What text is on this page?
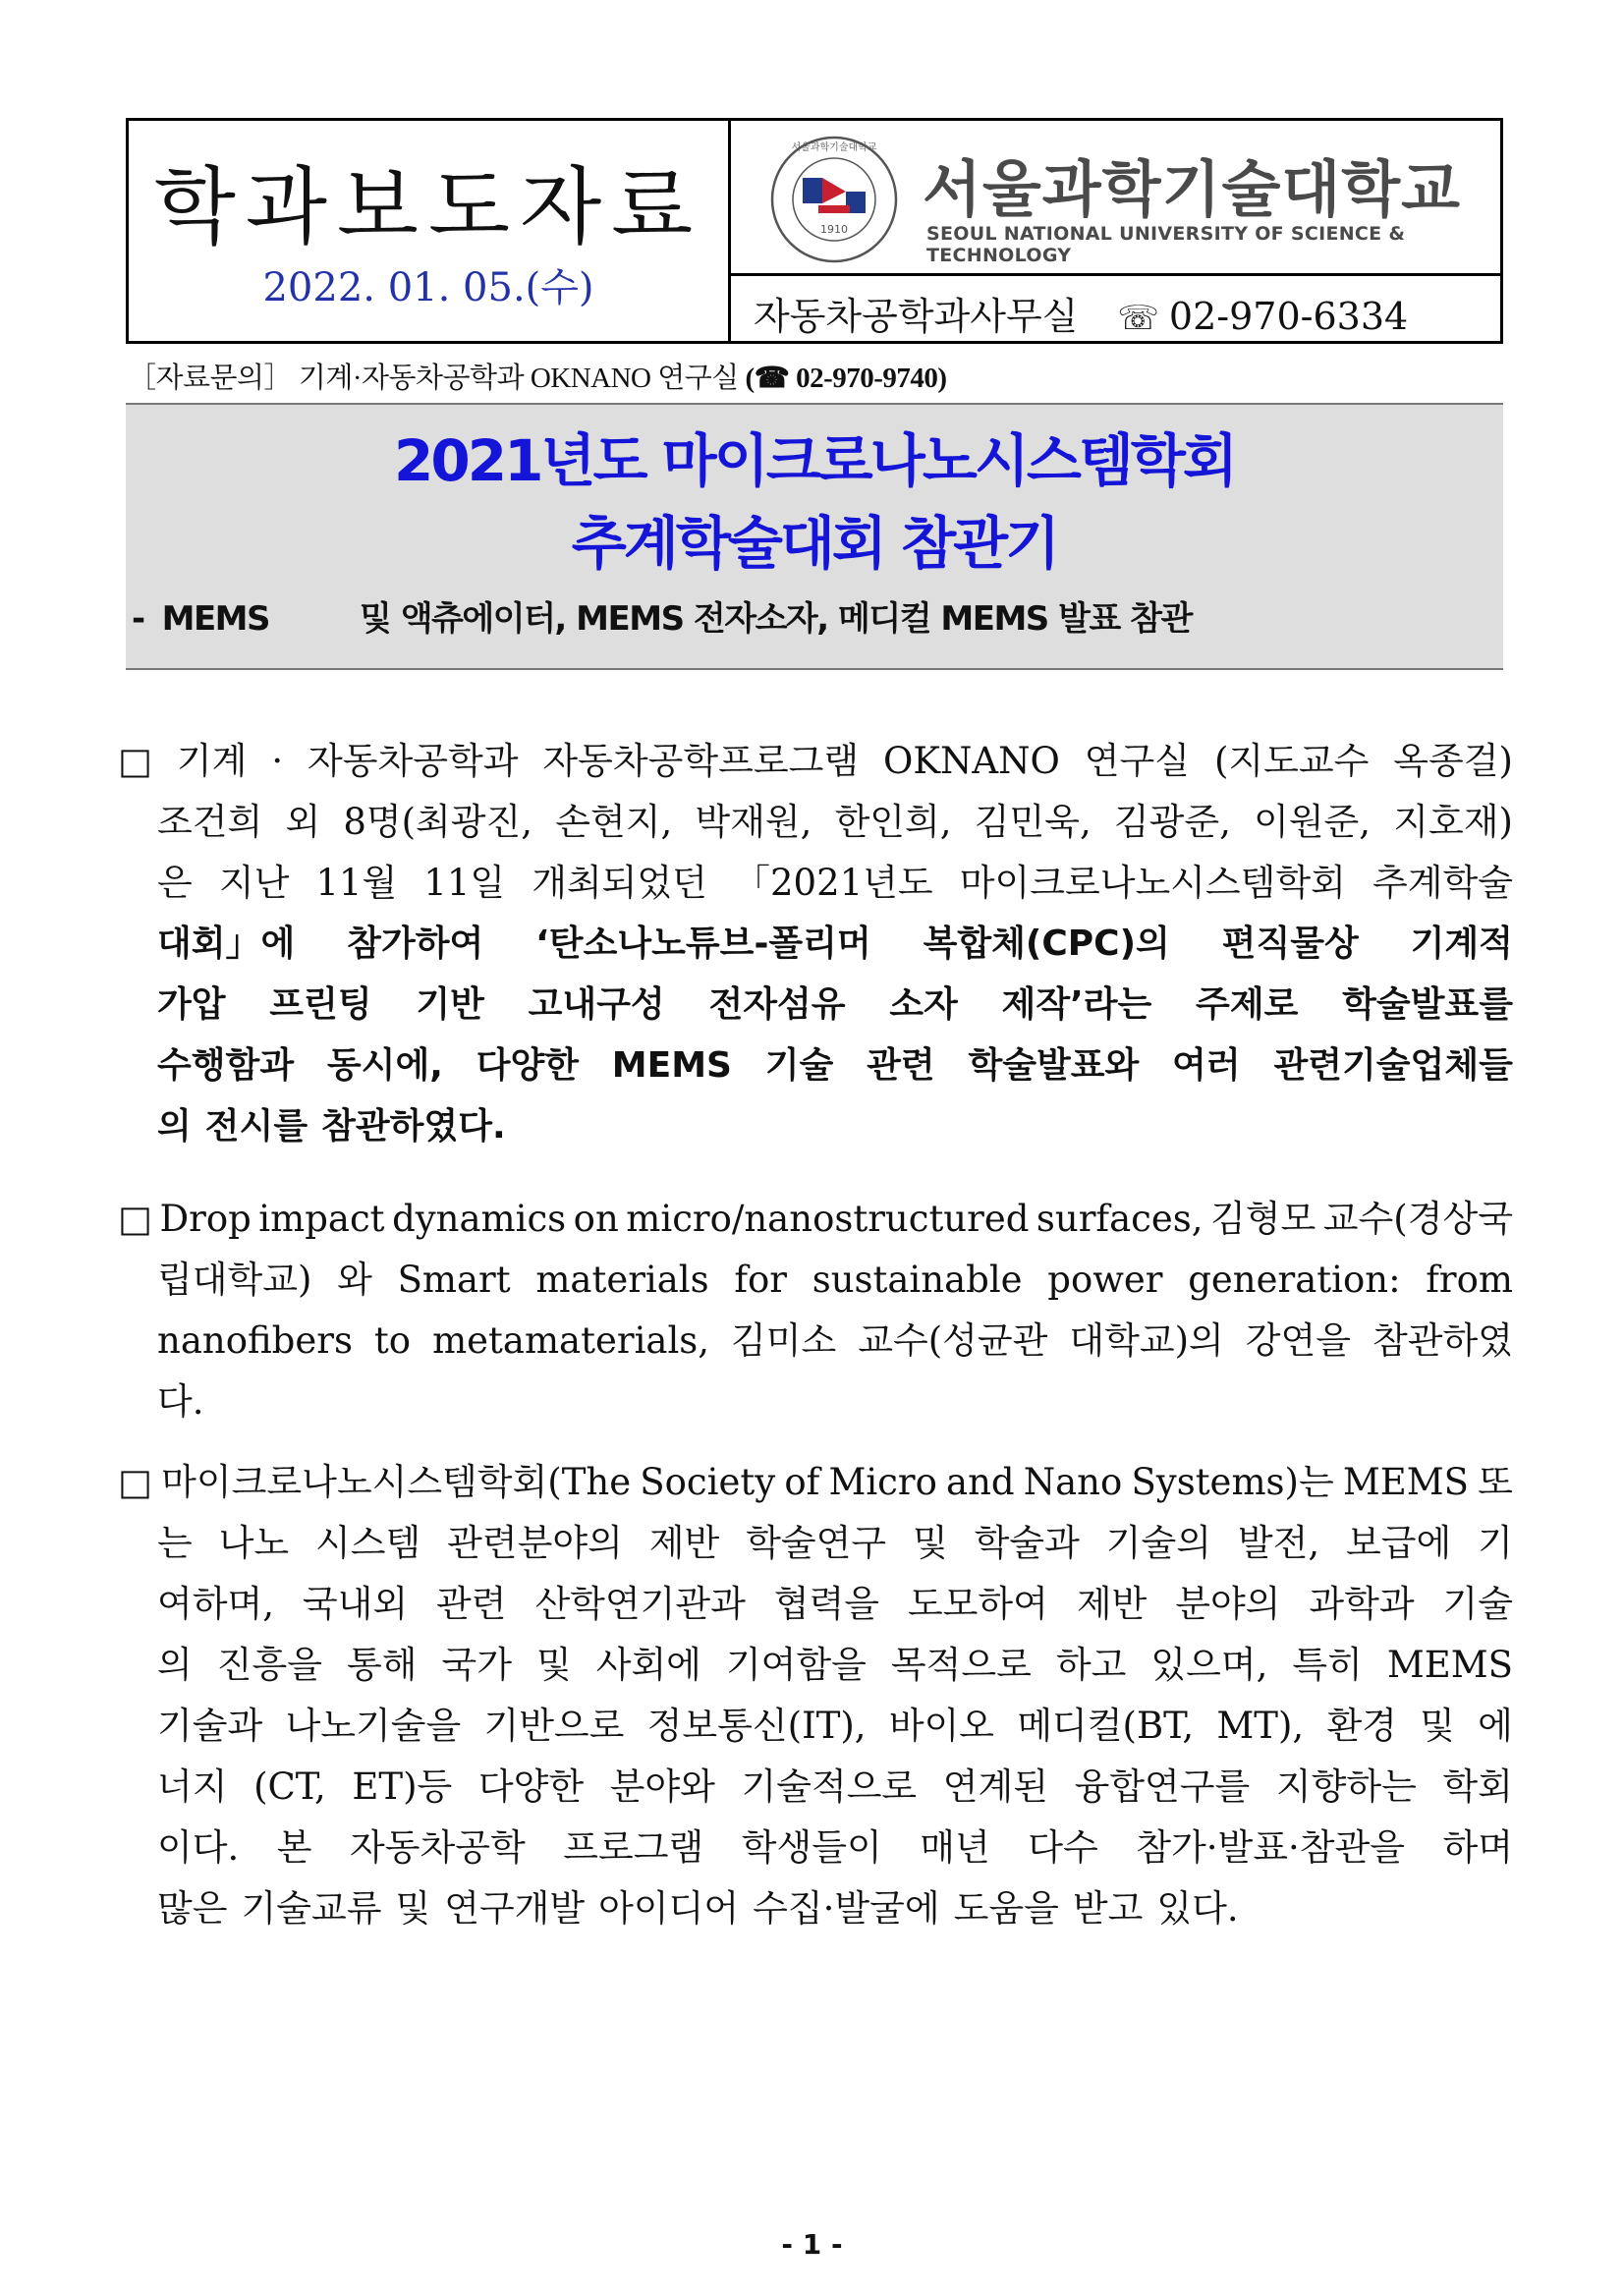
학과보도자료
2022. 01. 05.(수)
1910
서울과학기술대학교
서울과학기술대학교
SEOUL NATIONAL UNIVERSITY OF SCIENCE & TECHNOLOGY
자동차공학과사무실 ☏ 02-970-6334
［자료문의］ 기계·자동차공학과 OKNANO 연구실 (☎ 02-970-9740)
2021년도 마이크로나노시스템학회
추계학술대회 참관기
- MEMS	및 액츄에이터, MEMS 전자소자, 메디컬 MEMS 발표 참관
□ 기계 · 자동차공학과 자동차공학프로그램 OKNANO 연구실 (지도교수 옥종걸)
조건희 외 8명(최광진, 손현지, 박재원, 한인희, 김민욱, 김광준, 이원준, 지호재)
은 지난 11월 11일 개최되었던 「2021년도 마이크로나노시스템학회 추계학술
대회」에 참가하여 ‘탄소나노튜브-폴리머 복합체(CPC)의 편직물상 기계적
가압 프린팅 기반 고내구성 전자섬유 소자 제작’라는 주제로 학술발표를
수행함과 동시에, 다양한 MEMS 기술 관련 학술발표와 여러 관련기술업체들
의 전시를 참관하였다.
□ Drop impact dynamics on micro/nanostructured surfaces, 김형모 교수(경상국
립대학교) 와 Smart materials for sustainable power generation: from
nanofibers to metamaterials, 김미소 교수(성균관 대학교)의 강연을 참관하였
다.
□ 마이크로나노시스템학회(The Society of Micro and Nano Systems)는 MEMS 또
는 나노 시스템 관련분야의 제반 학술연구 및 학술과 기술의 발전, 보급에 기
여하며, 국내외 관련 산학연기관과 협력을 도모하여 제반 분야의 과학과 기술
의 진흥을 통해 국가 및 사회에 기여함을 목적으로 하고 있으며, 특히 MEMS
기술과 나노기술을 기반으로 정보통신(IT), 바이오 메디컬(BT, MT), 환경 및 에
너지 (CT, ET)등 다양한 분야와 기술적으로 연계된 융합연구를 지향하는 학회
이다. 본 자동차공학 프로그램 학생들이 매년 다수 참가·발표·참관을 하며
많은 기술교류 및 연구개발 아이디어 수집·발굴에 도움을 받고 있다.
- 1 -
